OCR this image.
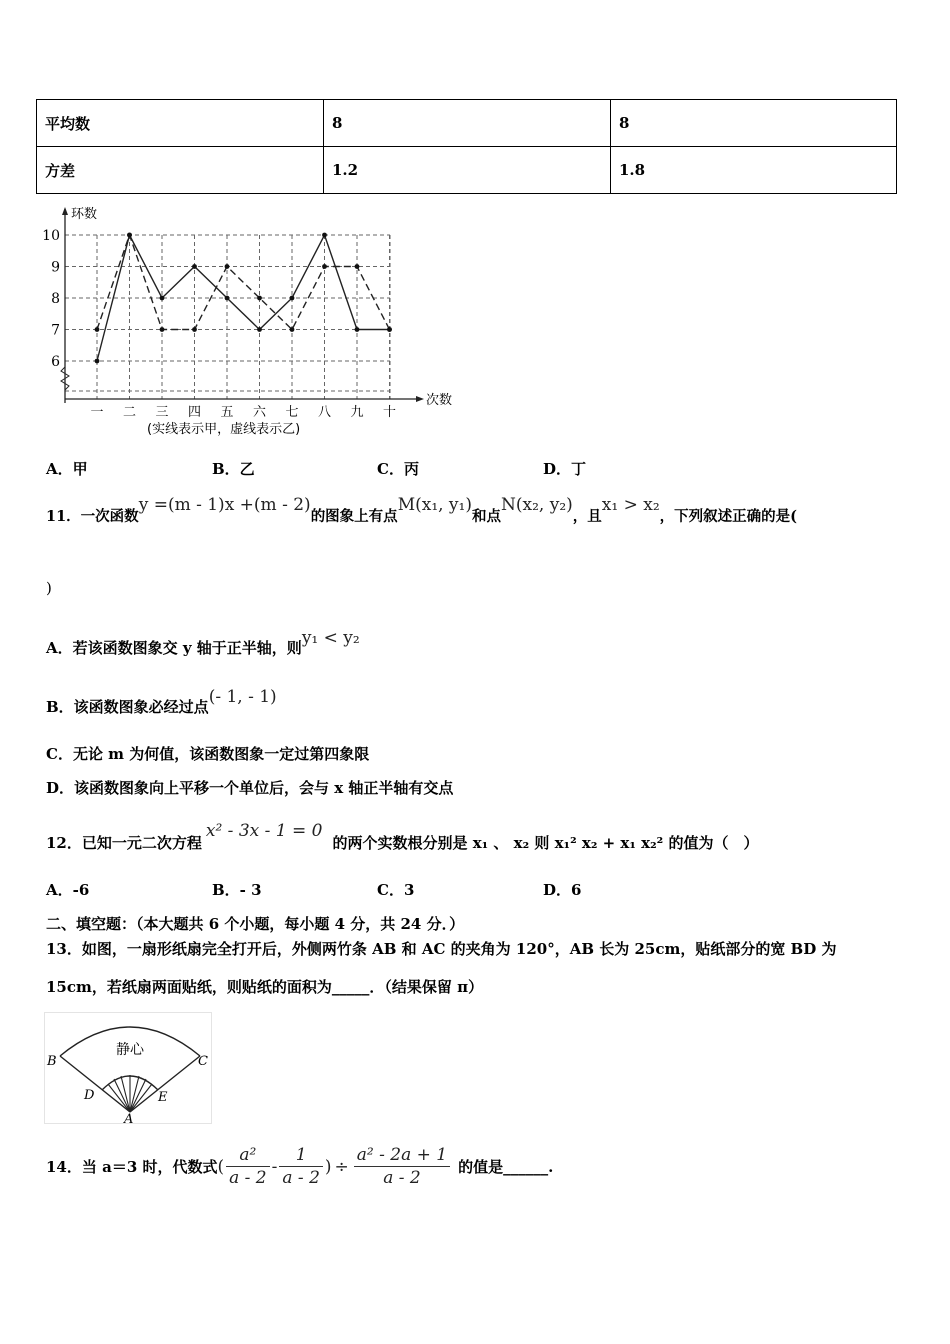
平均数	8	8
方差	1.2	1.8
环数
次数
10
9
8
7
6
一 二 三 四 五 六 七 八 九 十
(实线表示甲，虚线表示乙)
A．甲	B．乙	C．丙	D．丁
11．一次函数y =(m - 1)x +(m - 2)的图象上有点M(x₁, y₁)和点N(x₂, y₂)，且x₁ > x₂，下列叙述正确的是(
)
A．若该函数图象交 y 轴于正半轴，则y₁ < y₂
B．该函数图象必经过点(- 1, - 1)
C．无论 m 为何值，该函数图象一定过第四象限
D．该函数图象向上平移一个单位后，会与 x 轴正半轴有交点
12．已知一元二次方程x² - 3x - 1 = 0的两个实数根分别是 x₁ 、 x₂ 则 x₁² x₂ + x₁ x₂² 的值为（　）
A．-6	B．- 3	C．3	D．6
二、填空题：（本大题共 6 个小题，每小题 4 分，共 24 分．）
13．如图，一扇形纸扇完全打开后，外侧两竹条 AB 和 AC 的夹角为 120°，AB 长为 25cm，贴纸部分的宽 BD 为
15cm，若纸扇两面贴纸，则贴纸的面积为_____．（结果保留 π）
静心
B	C
D	E
A
14．当 a＝3 时，代数式 ( $\frac{\text{a²}}{a - 2} - \frac{1}{a - 2}$ ) ÷ $\frac{\text{a² - 2a + 1}}{a - 2}$ 的值是______.
